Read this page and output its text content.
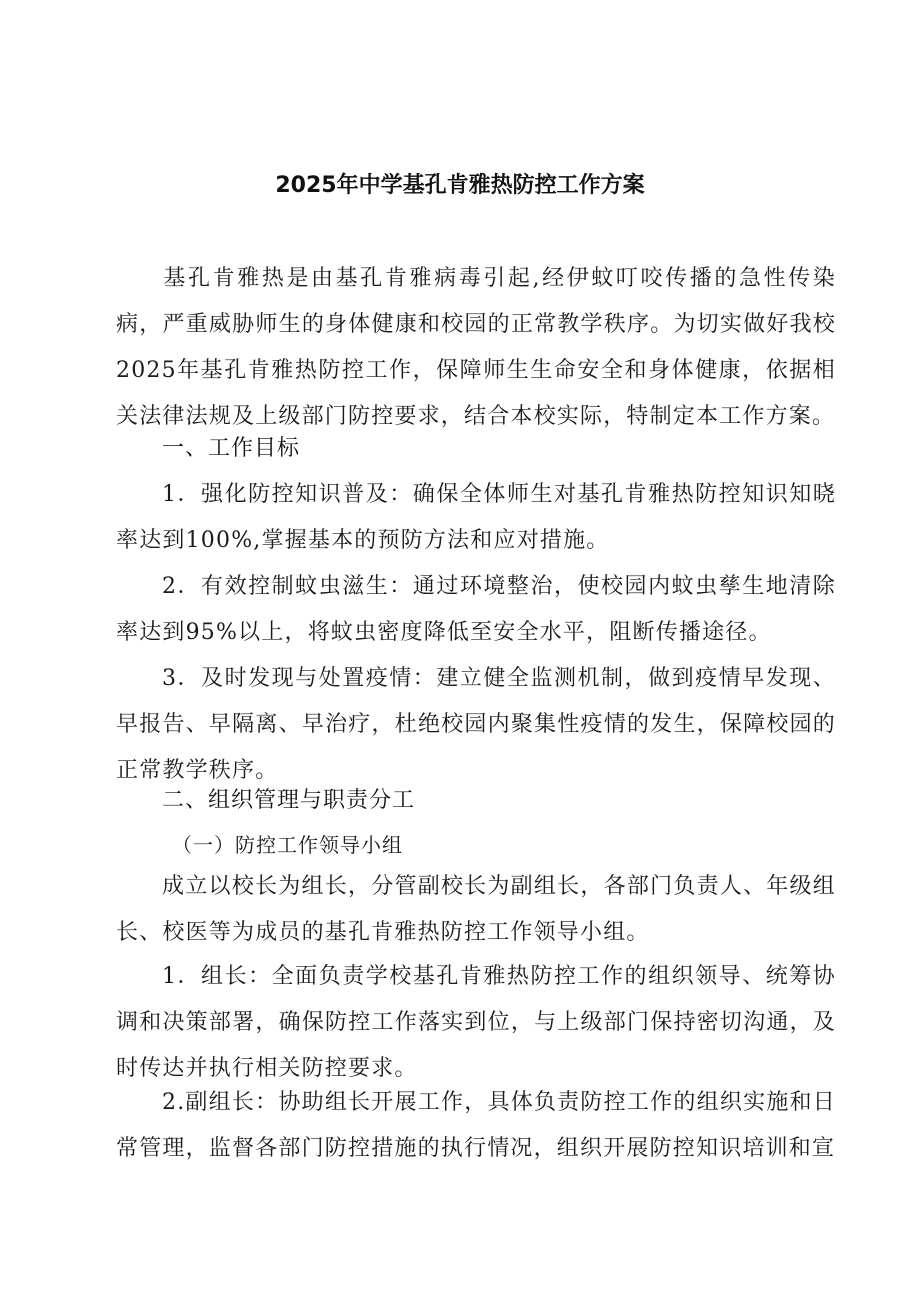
2025年中学基孔肯雅热防控工作方案
基孔肯雅热是由基孔肯雅病毒引起,经伊蚊叮咬传播的急性传染病，严重威胁师生的身体健康和校园的正常教学秩序。为切实做好我校2025年基孔肯雅热防控工作，保障师生生命安全和身体健康，依据相关法律法规及上级部门防控要求，结合本校实际，特制定本工作方案。
一、工作目标
1．强化防控知识普及：确保全体师生对基孔肯雅热防控知识知晓率达到100%,掌握基本的预防方法和应对措施。
2．有效控制蚊虫滋生：通过环境整治，使校园内蚊虫孳生地清除率达到95%以上，将蚊虫密度降低至安全水平，阻断传播途径。
3．及时发现与处置疫情：建立健全监测机制，做到疫情早发现、早报告、早隔离、早治疗，杜绝校园内聚集性疫情的发生，保障校园的正常教学秩序。
二、组织管理与职责分工
（一）防控工作领导小组
成立以校长为组长，分管副校长为副组长，各部门负责人、年级组长、校医等为成员的基孔肯雅热防控工作领导小组。
1．组长：全面负责学校基孔肯雅热防控工作的组织领导、统筹协调和决策部署，确保防控工作落实到位，与上级部门保持密切沟通，及时传达并执行相关防控要求。
2.副组长：协助组长开展工作，具体负责防控工作的组织实施和日常管理，监督各部门防控措施的执行情况，组织开展防控知识培训和宣
